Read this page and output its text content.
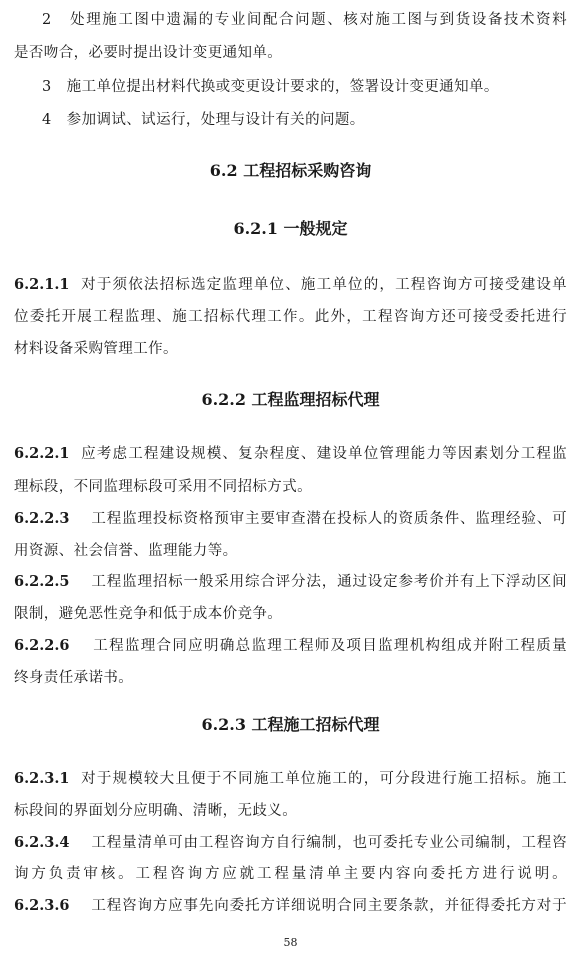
2 处理施工图中遗漏的专业间配合问题、核对施工图与到货设备技术资料
是否吻合，必要时提出设计变更通知单。
3 施工单位提出材料代换或变更设计要求的，签署设计变更通知单。
4 参加调试、试运行，处理与设计有关的问题。
6.2 工程招标采购咨询
6.2.1 一般规定
6.2.1.1 对于须依法招标选定监理单位、施工单位的，工程咨询方可接受建设单
位委托开展工程监理、施工招标代理工作。此外，工程咨询方还可接受委托进行
材料设备采购管理工作。
6.2.2 工程监理招标代理
6.2.2.1 应考虑工程建设规模、复杂程度、建设单位管理能力等因素划分工程监
理标段，不同监理标段可采用不同招标方式。
6.2.2.3 工程监理投标资格预审主要审查潜在投标人的资质条件、监理经验、可
用资源、社会信誉、监理能力等。
6.2.2.5 工程监理招标一般采用综合评分法，通过设定参考价并有上下浮动区间
限制，避免恶性竞争和低于成本价竞争。
6.2.2.6 工程监理合同应明确总监理工程师及项目监理机构组成并附工程质量
终身责任承诺书。
6.2.3 工程施工招标代理
6.2.3.1 对于规模较大且便于不同施工单位施工的，可分段进行施工招标。施工
标段间的界面划分应明确、清晰，无歧义。
6.2.3.4 工程量清单可由工程咨询方自行编制，也可委托专业公司编制，工程咨
询方负责审核。工程咨询方应就工程量清单主要内容向委托方进行说明。
6.2.3.6 工程咨询方应事先向委托方详细说明合同主要条款，并征得委托方对于
58
